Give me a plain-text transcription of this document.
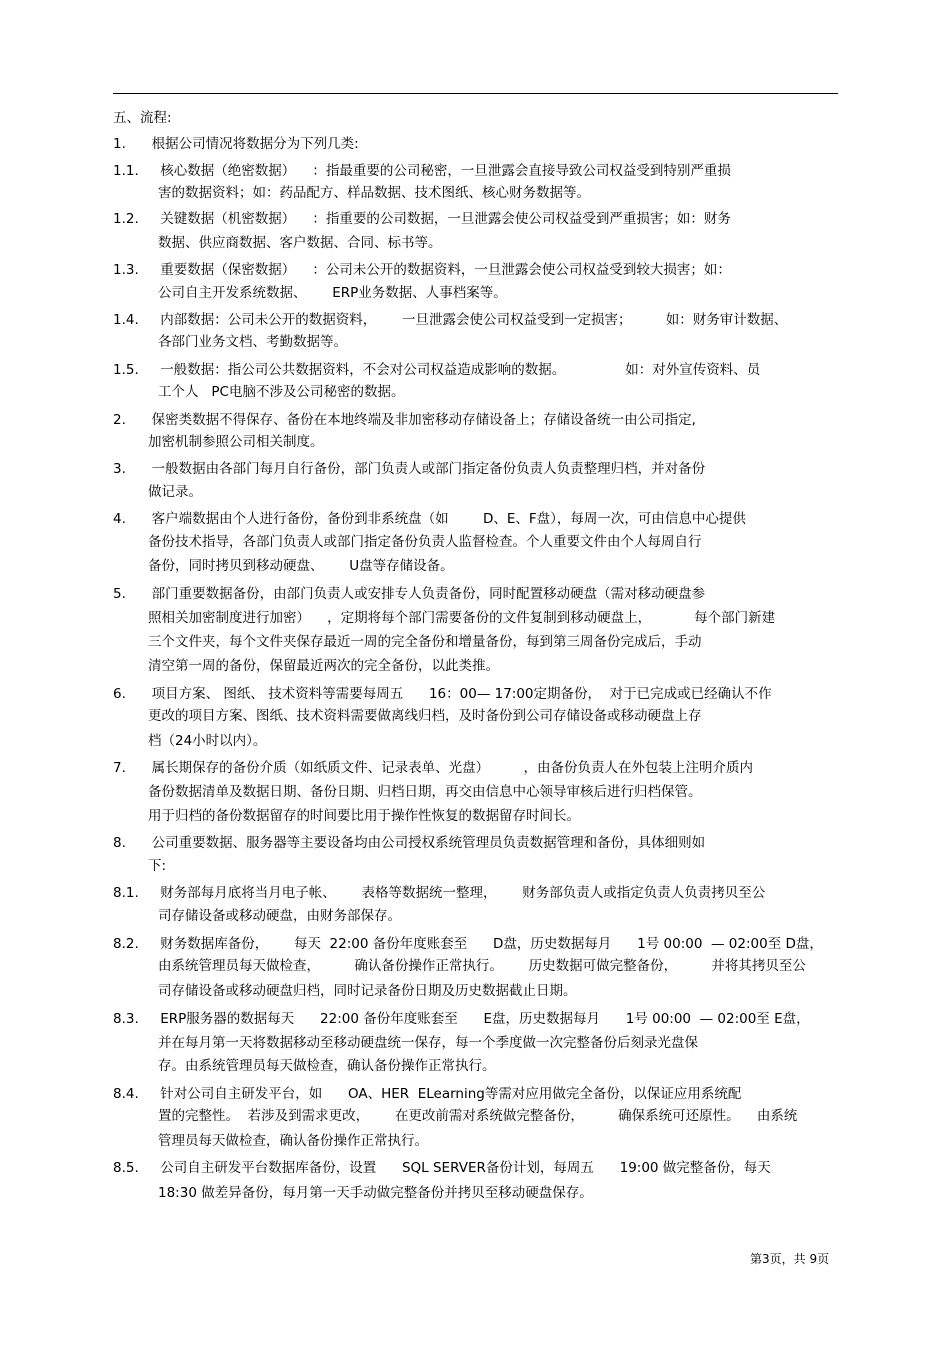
五、流程:
1.      根据公司情况将数据分为下列几类:
1.1.     核心数据（绝密数据）    ：指最重要的公司秘密，一旦泄露会直接导致公司权益受到特别严重损
害的数据资料；如：药品配方、样品数据、技术图纸、核心财务数据等。
1.2.     关键数据（机密数据）    ：指重要的公司数据，一旦泄露会使公司权益受到严重损害；如：财务
数据、供应商数据、客户数据、合同、标书等。
1.3.     重要数据（保密数据）    ：公司未公开的数据资料，一旦泄露会使公司权益受到较大损害；如：
公司自主开发系统数据、      ERP业务数据、人事档案等。
1.4.     内部数据：公司未公开的数据资料，      一旦泄露会使公司权益受到一定损害；        如：财务审计数据、
各部门业务文档、考勤数据等。
1.5.     一般数据：指公司公共数据资料，不会对公司权益造成影响的数据。              如：对外宣传资料、员
工个人   PC电脑不涉及公司秘密的数据。
2.      保密类数据不得保存、备份在本地终端及非加密移动存储设备上；存储设备统一由公司指定,
加密机制参照公司相关制度。
3.      一般数据由各部门每月自行备份，部门负责人或部门指定备份负责人负责整理归档，并对备份
做记录。
4.      客户端数据由个人进行备份，备份到非系统盘（如        D、E、F盘），每周一次，可由信息中心提供
备份技术指导，各部门负责人或部门指定备份负责人监督检查。个人重要文件由个人每周自行
备份，同时拷贝到移动硬盘、      U盘等存储设备。
5.      部门重要数据备份，由部门负责人或安排专人负责备份，同时配置移动硬盘（需对移动硬盘参
照相关加密制度进行加密）    ，定期将每个部门需要备份的文件复制到移动硬盘上，          每个部门新建
三个文件夹，每个文件夹保存最近一周的完全备份和增量备份，每到第三周备份完成后，手动
清空第一周的备份，保留最近两次的完全备份，以此类推。
6.      项目方案、 图纸、 技术资料等需要每周五      16：00— 17:00定期备份，  对于已完成或已经确认不作
更改的项目方案、图纸、技术资料需要做离线归档，及时备份到公司存储设备或移动硬盘上存
档（24小时以内）。
7.      属长期保存的备份介质（如纸质文件、记录表单、光盘）        ，由备份负责人在外包装上注明介质内
备份数据清单及数据日期、备份日期、归档日期，再交由信息中心领导审核后进行归档保管。
用于归档的备份数据留存的时间要比用于操作性恢复的数据留存时间长。
8.      公司重要数据、服务器等主要设备均由公司授权系统管理员负责数据管理和备份，具体细则如
下:
8.1.     财务部每月底将当月电子帐、      表格等数据统一整理，      财务部负责人或指定负责人负责拷贝至公
司存储设备或移动硬盘，由财务部保存。
8.2.     财务数据库备份，      每天  22:00 备份年度账套至      D盘，历史数据每月      1号 00:00  — 02:00至 D盘，
由系统管理员每天做检查，        确认备份操作正常执行。      历史数据可做完整备份，        并将其拷贝至公
司存储设备或移动硬盘归档，同时记录备份日期及历史数据截止日期。
8.3.     ERP服务器的数据每天      22:00 备份年度账套至      E盘，历史数据每月      1号 00:00  — 02:00至 E盘，
并在每月第一天将数据移动至移动硬盘统一保存，每一个季度做一次完整备份后刻录光盘保
存。由系统管理员每天做检查，确认备份操作正常执行。
8.4.     针对公司自主研发平台，如      OA、HER  ELearning等需对应用做完全备份，以保证应用系统配
置的完整性。  若涉及到需求更改，      在更改前需对系统做完整备份，        确保系统可还原性。    由系统
管理员每天做检查，确认备份操作正常执行。
8.5.     公司自主研发平台数据库备份，设置      SQL SERVER备份计划，每周五      19:00 做完整备份，每天
18:30 做差异备份，每月第一天手动做完整备份并拷贝至移动硬盘保存。
第3页，共 9页
